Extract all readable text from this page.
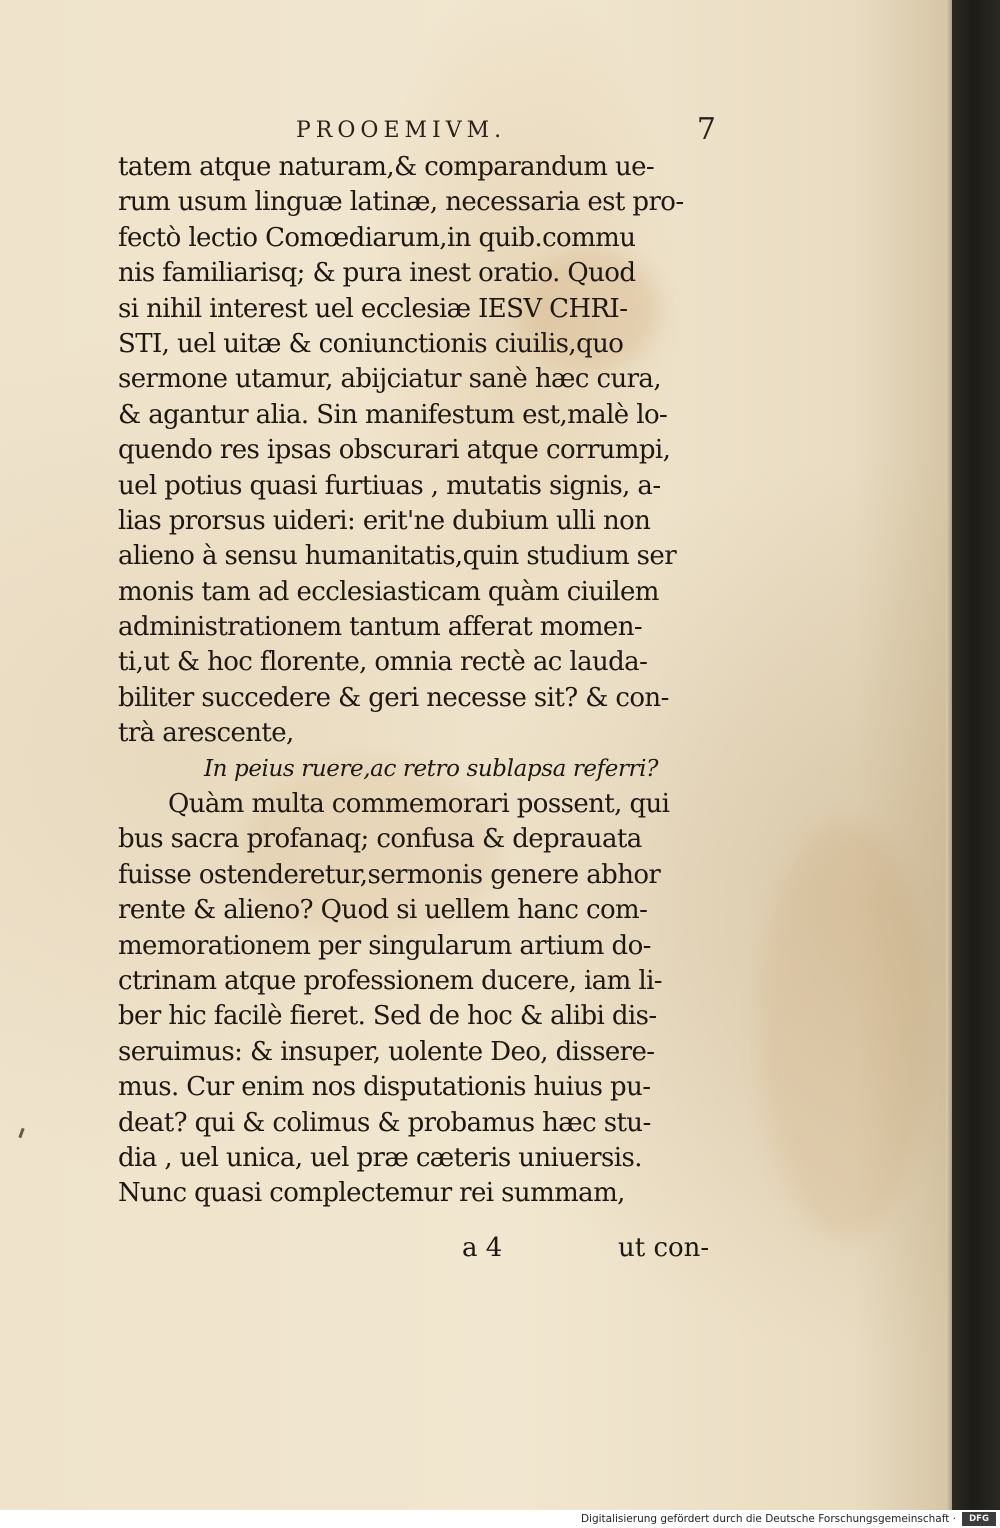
PROOEMIVM.	7
tatem atque naturam,& comparandum ue-
rum usum linguæ latinæ, necessaria est pro-
fectò lectio Comœdiarum,in quib.commu
nis familiarisq; & pura inest oratio. Quod
si nihil interest uel ecclesiæ IESV CHRI-
STI, uel uitæ & coniunctionis ciuilis,quo
sermone utamur, abijciatur sanè hæc cura,
& agantur alia. Sin manifestum est,malè lo-
quendo res ipsas obscurari atque corrumpi,
uel potius quasi furtiuas , mutatis signis, a-
lias prorsus uideri: erit'ne dubium ulli non
alieno à sensu humanitatis,quin studium ser
monis tam ad ecclesiasticam quàm ciuilem
administrationem tantum afferat momen-
ti,ut & hoc florente, omnia rectè ac lauda-
biliter succedere & geri necesse sit? & con-
trà arescente,
In peius ruere,ac retro sublapsa referri?
Quàm multa commemorari possent, qui
bus sacra profanaq; confusa & deprauata
fuisse ostenderetur,sermonis genere abhor
rente & alieno? Quod si uellem hanc com-
memorationem per singularum artium do-
ctrinam atque professionem ducere, iam li-
ber hic facilè fieret. Sed de hoc & alibi dis-
seruimus: & insuper, uolente Deo, dissere-
mus. Cur enim nos disputationis huius pu-
deat? qui & colimus & probamus hæc stu-
dia , uel unica, uel præ cæteris uniuersis.
Nunc quasi complectemur rei summam,
a 4	ut con-
Digitalisierung gefördert durch die Deutsche Forschungsgemeinschaft ·	DFG
